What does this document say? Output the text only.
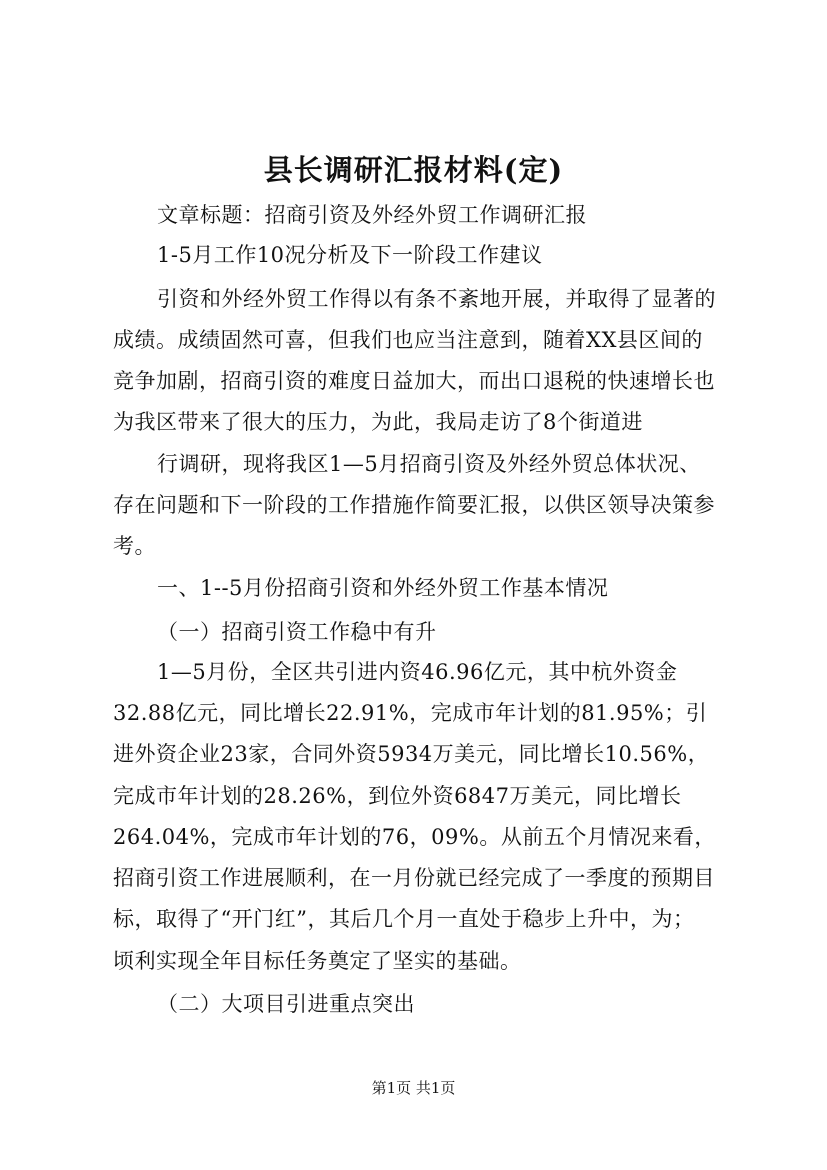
县长调研汇报材料(定)
文章标题：招商引资及外经外贸工作调研汇报
1-5月工作10况分析及下一阶段工作建议
引资和外经外贸工作得以有条不紊地开展，并取得了显著的
成绩。成绩固然可喜，但我们也应当注意到，随着XX县区间的
竞争加剧，招商引资的难度日益加大，而出口退税的快速增长也
为我区带来了很大的压力，为此，我局走访了8个街道进
行调研，现将我区1—5月招商引资及外经外贸总体状况、
存在问题和下一阶段的工作措施作简要汇报，以供区领导决策参
考。
一、1--5月份招商引资和外经外贸工作基本情况
（一）招商引资工作稳中有升
1—5月份，全区共引进内资46.96亿元，其中杭外资金
32.88亿元，同比增长22.91%，完成市年计划的81.95%；引
进外资企业23家，合同外资5934万美元，同比增长10.56%，
完成市年计划的28.26%，到位外资6847万美元，同比增长
264.04%，完成市年计划的76，09%。从前五个月情况来看，
招商引资工作进展顺利，在一月份就已经完成了一季度的预期目
标，取得了“开门红”，其后几个月一直处于稳步上升中，为；
顷利实现全年目标任务奠定了坚实的基础。
（二）大项目引进重点突出
第1页 共1页
